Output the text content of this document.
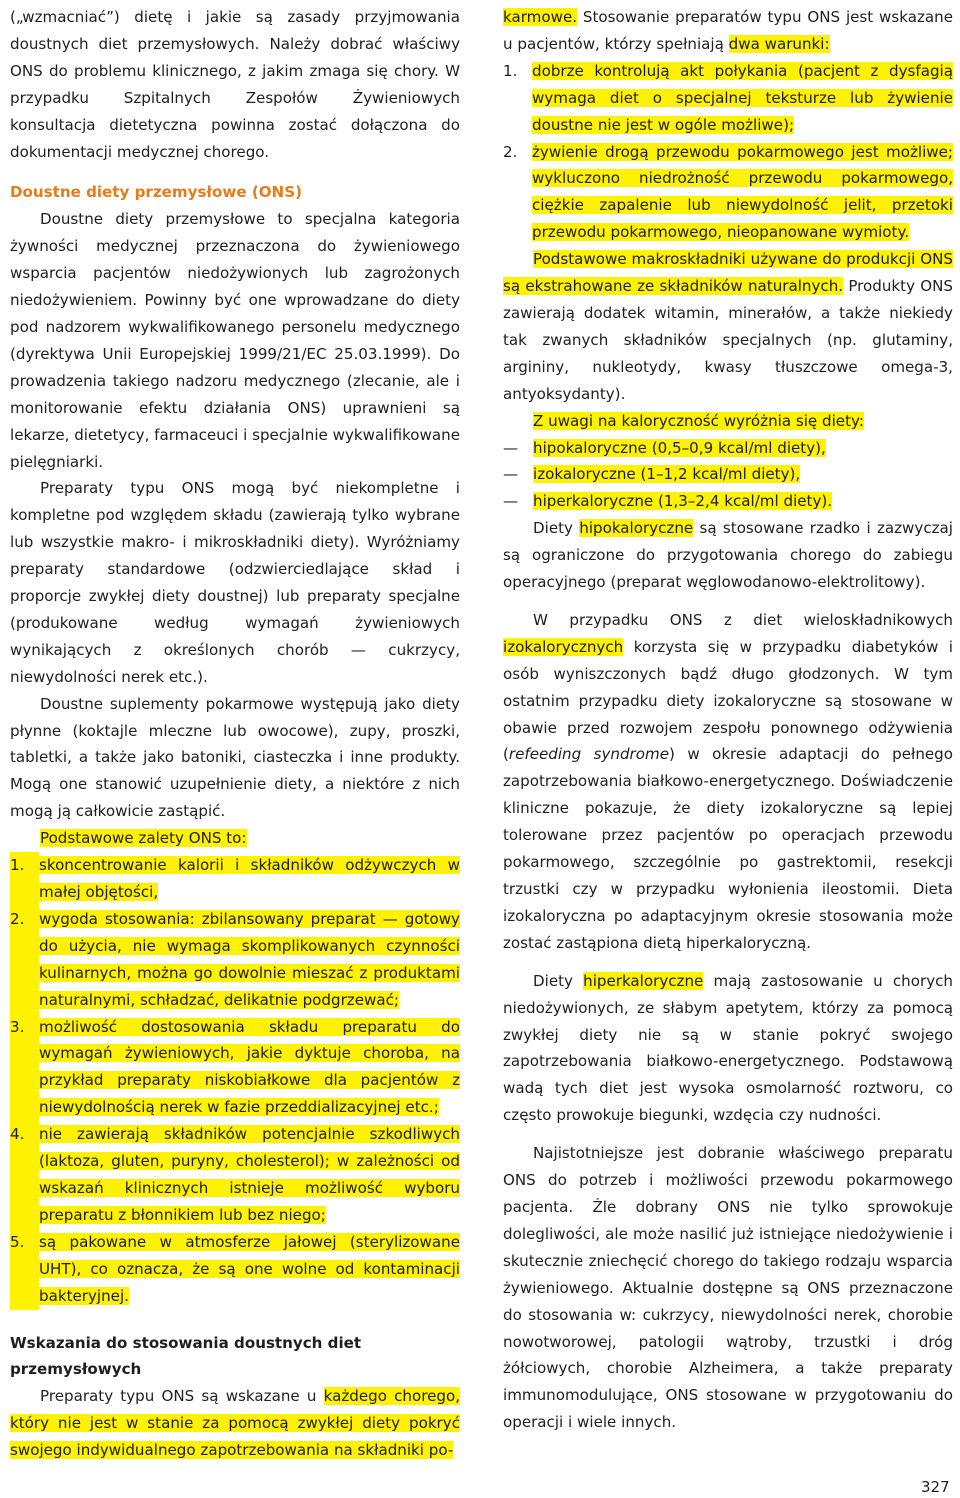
(„wzmacniać”) dietę i jakie są zasady przyjmowania doustnych diet przemysłowych. Należy dobrać właściwy ONS do problemu klinicznego, z jakim zmaga się chory. W przypadku Szpitalnych Zespołów Żywieniowych konsultacja dietetyczna powinna zostać dołączona do dokumentacji medycznej chorego.

Doustne diety przemysłowe (ONS)

Doustne diety przemysłowe to specjalna kategoria żywności medycznej przeznaczona do żywieniowego wsparcia pacjentów niedożywionych lub zagrożonych niedożywieniem. Powinny być one wprowadzane do diety pod nadzorem wykwalifikowanego personelu medycznego (dyrektywa Unii Europejskiej 1999/21/EC 25.03.1999). Do prowadzenia takiego nadzoru medycznego (zlecanie, ale i monitorowanie efektu działania ONS) uprawnieni są lekarze, dietetycy, farmaceuci i specjalnie wykwalifikowane pielęgniarki.

Preparaty typu ONS mogą być niekompletne i kompletne pod względem składu (zawierają tylko wybrane lub wszystkie makro- i mikroskładniki diety). Wyróżniamy preparaty standardowe (odzwierciedlające skład i proporcje zwykłej diety doustnej) lub preparaty specjalne (produkowane według wymagań żywieniowych wynikających z określonych chorób — cukrzycy, niewydolności nerek etc.).

Doustne suplementy pokarmowe występują jako diety płynne (koktajle mleczne lub owocowe), zupy, proszki, tabletki, a także jako batoniki, ciasteczka i inne produkty. Mogą one stanowić uzupełnienie diety, a niektóre z nich mogą ją całkowicie zastąpić.

Podstawowe zalety ONS to:

1. skoncentrowanie kalorii i składników odżywczych w małej objętości,
2. wygoda stosowania: zbilansowany preparat — gotowy do użycia, nie wymaga skomplikowanych czynności kulinarnych, można go dowolnie mieszać z produktami naturalnymi, schładzać, delikatnie podgrzewać;
3. możliwość dostosowania składu preparatu do wymagań żywieniowych, jakie dyktuje choroba, na przykład preparaty niskobiałkowe dla pacjentów z niewydolnością nerek w fazie przeddializacyjnej etc.;
4. nie zawierają składników potencjalnie szkodliwych (laktoza, gluten, puryny, cholesterol); w zależności od wskazań klinicznych istnieje możliwość wyboru preparatu z błonnikiem lub bez niego;
5. są pakowane w atmosferze jałowej (sterylizowane UHT), co oznacza, że są one wolne od kontaminacji bakteryjnej.

Wskazania do stosowania doustnych diet przemysłowych

Preparaty typu ONS są wskazane u każdego chorego, który nie jest w stanie za pomocą zwykłej diety pokryć swojego indywidualnego zapotrzebowania na składniki po-

karmowe. Stosowanie preparatów typu ONS jest wskazane u pacjentów, którzy spełniają dwa warunki:

1. dobrze kontrolują akt połykania (pacjent z dysfagią wymaga diet o specjalnej teksturze lub żywienie doustne nie jest w ogóle możliwe);
2. żywienie drogą przewodu pokarmowego jest możliwe; wykluczono niedrożność przewodu pokarmowego, ciężkie zapalenie lub niewydolność jelit, przetoki przewodu pokarmowego, nieopanowane wymioty.

Podstawowe makroskładniki używane do produkcji ONS są ekstrahowane ze składników naturalnych. Produkty ONS zawierają dodatek witamin, minerałów, a także niekiedy tak zwanych składników specjalnych (np. glutaminy, argininy, nukleotydy, kwasy tłuszczowe omega-3, antyoksydanty).

Z uwagi na kaloryczność wyróżnia się diety:

— hipokaloryczne (0,5–0,9 kcal/ml diety),
— izokaloryczne (1–1,2 kcal/ml diety),
— hiperkaloryczne (1,3–2,4 kcal/ml diety).

Diety hipokaloryczne są stosowane rzadko i zazwyczaj są ograniczone do przygotowania chorego do zabiegu operacyjnego (preparat węglowodanowo-elektrolitowy).

W przypadku ONS z diet wieloskładnikowych izokalorycznych korzysta się w przypadku diabetyków i osób wyniszczonych bądź długo głodzonych. W tym ostatnim przypadku diety izokaloryczne są stosowane w obawie przed rozwojem zespołu ponownego odżywienia (refeeding syndrome) w okresie adaptacji do pełnego zapotrzebowania białkowo-energetycznego. Doświadczenie kliniczne pokazuje, że diety izokaloryczne są lepiej tolerowane przez pacjentów po operacjach przewodu pokarmowego, szczególnie po gastrektomii, resekcji trzustki czy w przypadku wyłonienia ileostomii. Dieta izokaloryczna po adaptacyjnym okresie stosowania może zostać zastąpiona dietą hiperkaloryczną.

Diety hiperkaloryczne mają zastosowanie u chorych niedożywionych, ze słabym apetytem, którzy za pomocą zwykłej diety nie są w stanie pokryć swojego zapotrzebowania białkowo-energetycznego. Podstawową wadą tych diet jest wysoka osmolarność roztworu, co często prowokuje biegunki, wzdęcia czy nudności.

Najistotniejsze jest dobranie właściwego preparatu ONS do potrzeb i możliwości przewodu pokarmowego pacjenta. Źle dobrany ONS nie tylko sprowokuje dolegliwości, ale może nasilić już istniejące niedożywienie i skutecznie zniechęcić chorego do takiego rodzaju wsparcia żywieniowego. Aktualnie dostępne są ONS przeznaczone do stosowania w: cukrzycy, niewydolności nerek, chorobie nowotworowej, patologii wątroby, trzustki i dróg żółciowych, chorobie Alzheimera, a także preparaty immunomodulujące, ONS stosowane w przygotowaniu do operacji i wiele innych.

327
